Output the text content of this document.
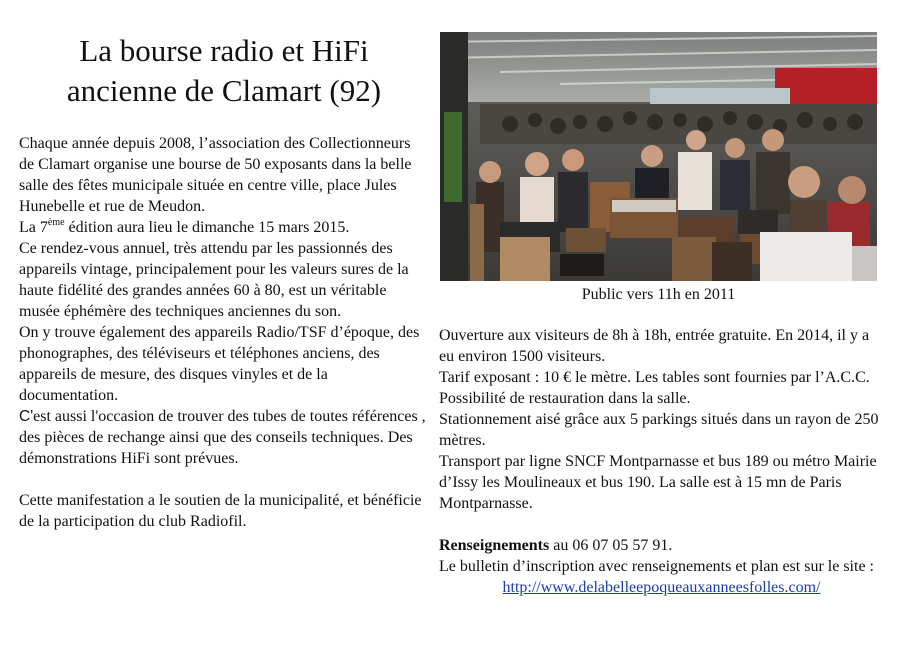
La bourse radio et HiFi
ancienne de Clamart (92)

Chaque année depuis 2008, l’association des Collectionneurs de Clamart organise une bourse de 50 exposants dans la belle salle des fêtes municipale située en centre ville, place Jules Hunebelle et rue de Meudon.

La 7ème édition aura lieu le dimanche 15 mars 2015.

Ce rendez-vous annuel, très attendu par les passionnés des appareils vintage, principalement pour les valeurs sures de la haute fidélité des grandes années 60 à 80, est un véritable musée éphémère des techniques anciennes du son.

On y trouve également des appareils Radio/TSF d’époque, des phonographes, des téléviseurs et téléphones anciens, des appareils de mesure, des disques vinyles et de la documentation.

C'est aussi l'occasion de trouver des tubes de toutes références , des pièces de rechange ainsi que des conseils techniques. Des démonstrations HiFi sont prévues.

Cette manifestation a le soutien de la municipalité, et bénéficie de la participation du club Radiofil.

Public vers 11h en 2011

Ouverture aux visiteurs de 8h à 18h, entrée gratuite. En 2014, il y a eu environ 1500 visiteurs.

Tarif exposant : 10 € le mètre. Les tables sont fournies par l’A.C.C.

Possibilité de restauration dans la salle.

Stationnement aisé grâce aux 5 parkings situés dans un rayon de 250 mètres.

Transport par ligne SNCF Montparnasse et bus 189 ou métro Mairie d’Issy les Moulineaux et bus 190. La salle est à 15 mn de Paris Montparnasse.

Renseignements au 06 07 05 57 91.

Le bulletin d’inscription avec renseignements et plan est sur le site :

http://www.delabelleepoqueauxanneesfolles.com/
